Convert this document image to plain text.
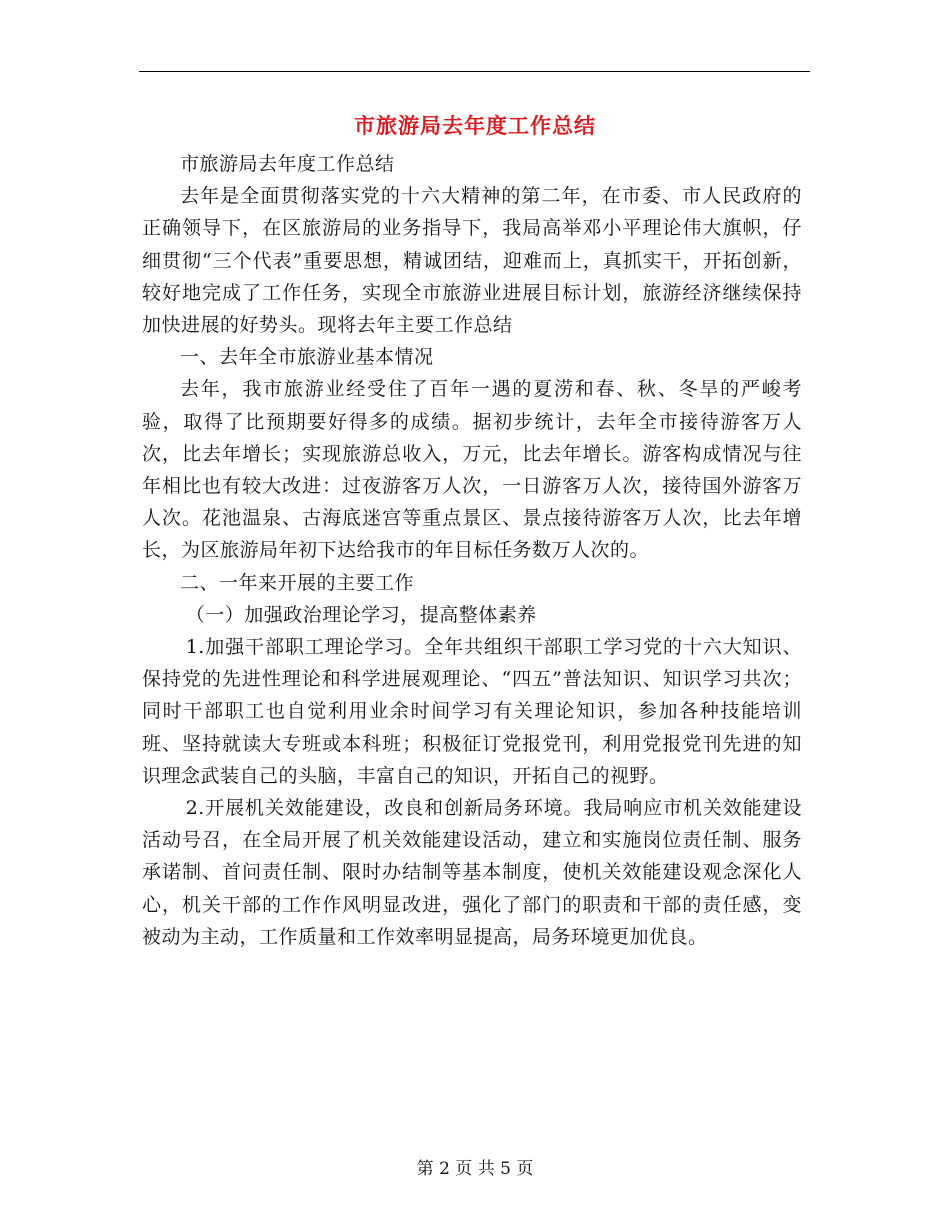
市旅游局去年度工作总结

市旅游局去年度工作总结

去年是全面贯彻落实党的十六大精神的第二年，在市委、市人民政府的正确领导下，在区旅游局的业务指导下，我局高举邓小平理论伟大旗帜，仔细贯彻“三个代表”重要思想，精诚团结，迎难而上，真抓实干，开拓创新，较好地完成了工作任务，实现全市旅游业进展目标计划，旅游经济继续保持加快进展的好势头。现将去年主要工作总结

一、去年全市旅游业基本情况

去年，我市旅游业经受住了百年一遇的夏涝和春、秋、冬旱的严峻考验，取得了比预期要好得多的成绩。据初步统计，去年全市接待游客万人次，比去年增长；实现旅游总收入，万元，比去年增长。游客构成情况与往年相比也有较大改进：过夜游客万人次，一日游客万人次，接待国外游客万人次。花池温泉、古海底迷宫等重点景区、景点接待游客万人次，比去年增长，为区旅游局年初下达给我市的年目标任务数万人次的。

二、一年来开展的主要工作

（一）加强政治理论学习，提高整体素养

1.加强干部职工理论学习。全年共组织干部职工学习党的十六大知识、保持党的先进性理论和科学进展观理论、“四五”普法知识、知识学习共次；同时干部职工也自觉利用业余时间学习有关理论知识，参加各种技能培训班、坚持就读大专班或本科班；积极征订党报党刊，利用党报党刊先进的知识理念武装自己的头脑，丰富自己的知识，开拓自己的视野。

2.开展机关效能建设，改良和创新局务环境。我局响应市机关效能建设活动号召，在全局开展了机关效能建设活动，建立和实施岗位责任制、服务承诺制、首问责任制、限时办结制等基本制度，使机关效能建设观念深化人心，机关干部的工作作风明显改进，强化了部门的职责和干部的责任感，变被动为主动，工作质量和工作效率明显提高，局务环境更加优良。

第 2 页 共 5 页
